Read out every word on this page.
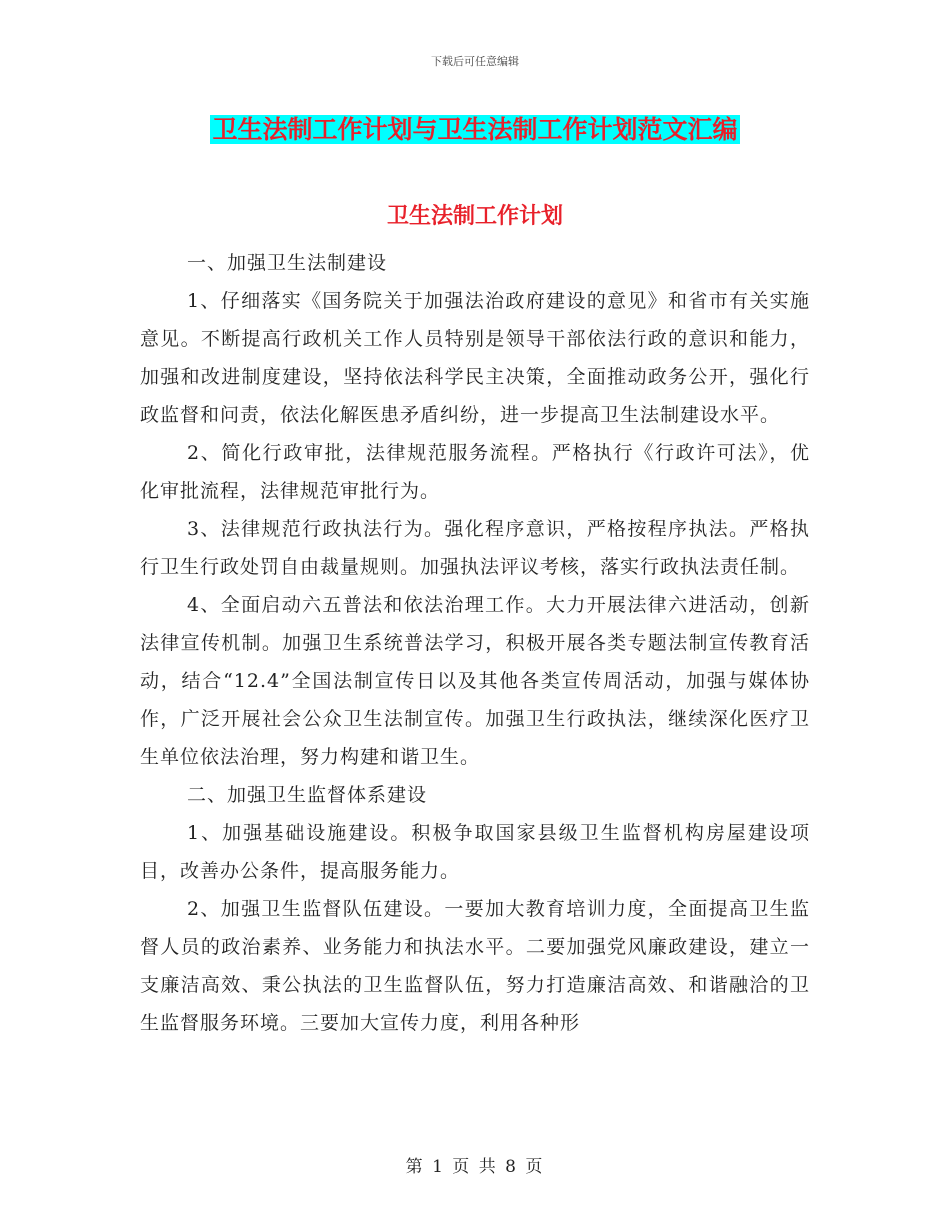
下载后可任意编辑
卫生法制工作计划与卫生法制工作计划范文汇编
卫生法制工作计划

一、加强卫生法制建设

1、仔细落实《国务院关于加强法治政府建设的意见》和省市有关实施意见。不断提高行政机关工作人员特别是领导干部依法行政的意识和能力，加强和改进制度建设，坚持依法科学民主决策，全面推动政务公开，强化行政监督和问责，依法化解医患矛盾纠纷，进一步提高卫生法制建设水平。

2、简化行政审批，法律规范服务流程。严格执行《行政许可法》，优化审批流程，法律规范审批行为。

3、法律规范行政执法行为。强化程序意识，严格按程序执法。严格执行卫生行政处罚自由裁量规则。加强执法评议考核，落实行政执法责任制。

4、全面启动六五普法和依法治理工作。大力开展法律六进活动，创新法律宣传机制。加强卫生系统普法学习，积极开展各类专题法制宣传教育活动，结合“12.4”全国法制宣传日以及其他各类宣传周活动，加强与媒体协作，广泛开展社会公众卫生法制宣传。加强卫生行政执法，继续深化医疗卫生单位依法治理，努力构建和谐卫生。

二、加强卫生监督体系建设

1、加强基础设施建设。积极争取国家县级卫生监督机构房屋建设项目，改善办公条件，提高服务能力。

2、加强卫生监督队伍建设。一要加大教育培训力度，全面提高卫生监督人员的政治素养、业务能力和执法水平。二要加强党风廉政建设，建立一支廉洁高效、秉公执法的卫生监督队伍，努力打造廉洁高效、和谐融洽的卫生监督服务环境。三要加大宣传力度，利用各种形

第 1 页 共 8 页
